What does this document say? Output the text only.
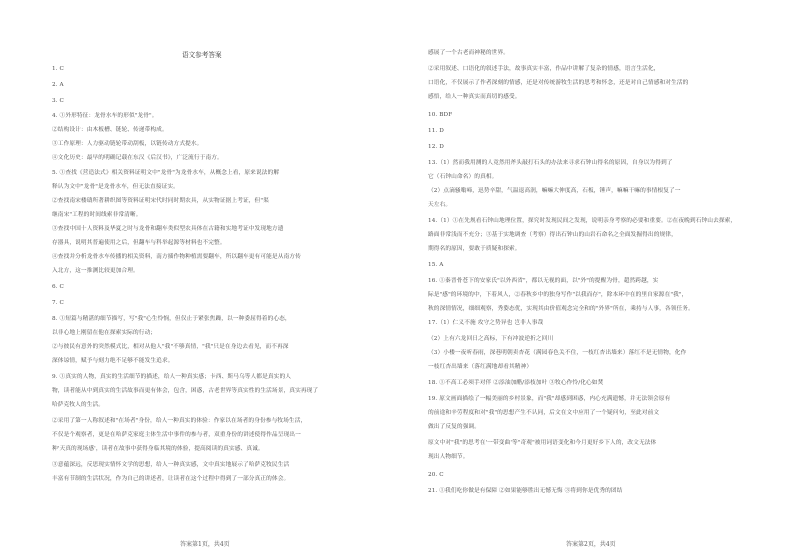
语文参考答案
1. C
2. A
3. C
4. ①外形特征：龙骨水车的形似"龙骨"。
②结构设计：由木板槽、链轮、传递带构成。
③工作原理：人力驱动链轮带动刮板，以链传动方式提水。
④文化历史：最早的明确记载在东汉《后汉书》，广泛流行于南方。
5. ①查找《营造法式》相关资料证明文中"龙骨"为龙骨水车，从概念上看，原来说法的解
释认为文中"龙骨"是龙骨水车，但无法直接证实。
②查找南宋楼璹所著耕织图等资料证明宋代时同时期农具，从实物证据上考证，但"渠
继南宋"工程的时间线索非常清晰。
③查找中国十人资料及华夏之时与龙骨和翻车类似型农具体在古籍和实地考证中发现地方遗
存器具，说明其普遍使用之后，但翻车与科举起源等材料也不完整。
④查找并分析龙骨水车传播的相关资料，南方插作物种植需要翻车，所以翻车更有可能是从南方传
入北方，这一推测比较更加合理。
6. C
7. C
8. ①短篇与精湛的细节描写，写"我"心生怜悯，但仅止于紧张焦躁，以一种委屈得着的心态，
以非心地上刚留在他在探索实际的行动；
②与彼民有意外的突然模式比，相对从他人"我"不够真情，"我"只是在身边去看见，而不再深
深体谅情，赋予与刻力绝不足够不能发生追求。
9. ①真实的人物，真实的生活细节的描述，给人一种真实感；卡西、斯马乌等人都是真实的人
物，读者能从中到真实的生活故事而更有体会，包含，困惑，古老世界等真实性的生活场景，真实再现了
哈萨克牧人的生活。
②采用了第一人称叙述和"在场者"身份，给人一种真实的体验：作家以在场者的身份参与牧场生活，
不仅是个观察者，更是在哈萨克家庭主体生活中事件的参与者，双重身份的讲述使得作品呈现出一
种'天真的现场感'，读者在故事中获得身临其境的体验，提高阅读的真实感、真诚。
③意蕴深远，反思现实情怀文学的思想，给人一种真实感，文中真实地展示了哈萨克牧民生活
丰富有节制的生活状况，作为自己的讲述者，让读者在这个过程中得到了一部分真正的体会。
答案第1页，共4页
感展了一个古老而神秘的世界。
②采用叙述、口语化的叙述手法，故事真实丰富，作品中讲解了复杂的情感，语言生活化，
口语化，不仅展示了作者深刻的情感，还是对传统游牧生活的思考和怀念，还是对自己情感和对生活的
感悟，给人一种真实而真切的感受。
10. BDF
11. D
12. D
13.（1）然而我用测的人竟然用斧头敲打石头的办法来寻求石钟山得名的原因，自身以为得到了
它（石钟山命名）的真相。
（2）点滴骚嗡啼，迅势辛甜，气温退高润，嘛嘛大伸度高，石板，锤声，嘛嘛干嘛的事情根复了一
天左右。
14.（1）①在先规看石钟山地理位置，探究时发现民间之发现，说明亲身考察的必要和重要。②在夜晚到石钟山去探索，
路面非常浅而不充分；③基于实地调查（考察）得出石钟山的山岩石命名之全面发掘得出的规律，
期得名的原因，要敢于质疑和探索。
15. A
16. ①秦晋骨苍下的安家氏"以外西省"，都以无视的面，以"外"的提醒为骨，超然跨越，实
际是"感"的环境的中，下着风人，②春秋乡中的独身写作"以我而存"，除本环中在的里自家源在"我"，
秋的深情情况，细细观察，秀姿态优，实现其由价值观念完全和的"外界"所在，乘持与人事，各领任务。
17.（1）仁义不施 攻守之势异也 岂非人事哉
（2）上有六龙回日之高标，下有冲波逆折之回川
（3）小楼一夜听春雨，深巷明朝卖杏花（满园春色关不住，一枝红杏出墙来）落红不是无情物，化作
一枝红杏出墙来（落红满地却看其精神）
18. ①不高工必须手对伴 ②添油加醋/添枝加叶 ③牧心作怜/化心如焚
19. 原文画面描绘了一幅美丽的乡村景象，而"我"却感到困惑，内心充满遗憾，并无法领会原有
的前途和辛劳程度和对"我"的思想产生不认同，后文在文中应用了一个疑问句，至此对前文
做出了反复的强调。
原文中对"我"的思考在'一带变曲'等"奇观"被用词语变化和今月更好乡下人的，改文无法体
现出人物细节。
20. C
21. ①我们吃你做是有保障 ②如果能够胜出无憾无悔 ③将到你是优秀的团结
答案第2页，共4页
